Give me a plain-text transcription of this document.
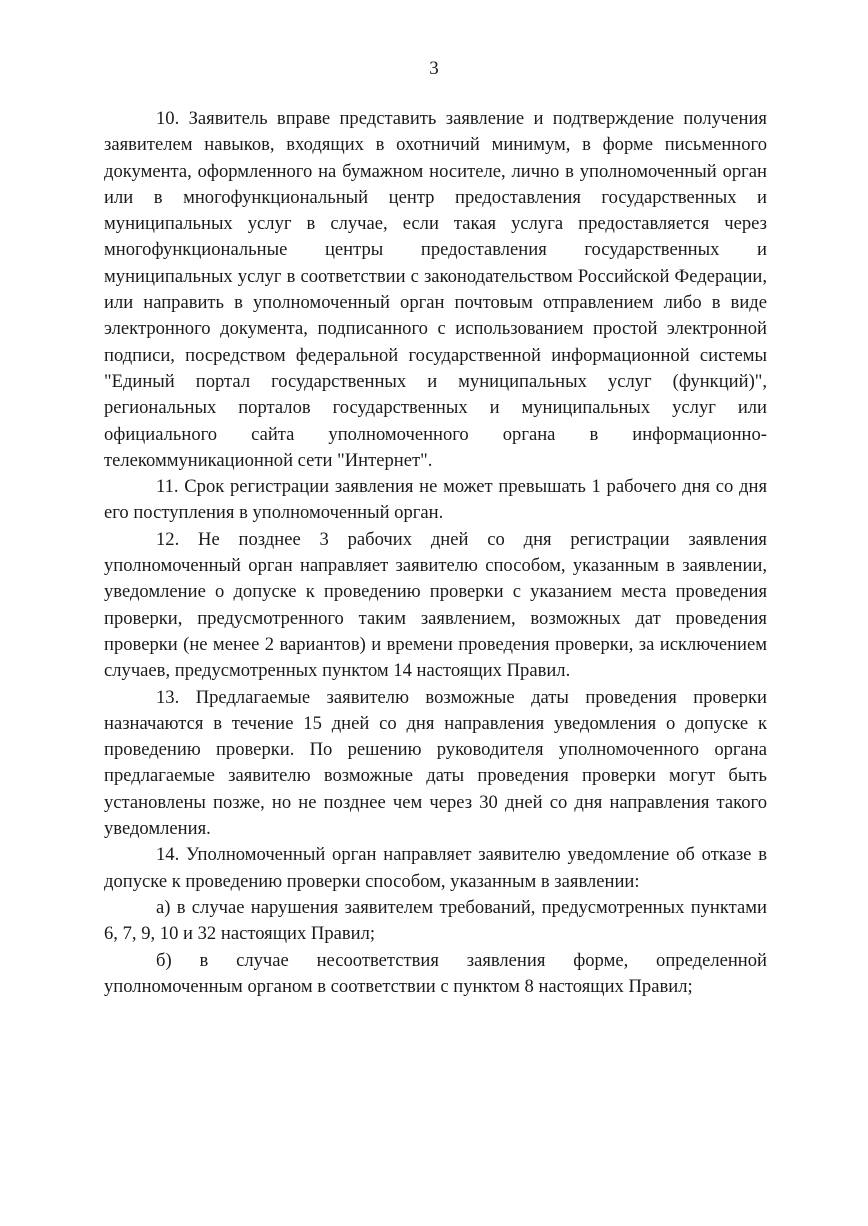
3

10. Заявитель вправе представить заявление и подтверждение получения заявителем навыков, входящих в охотничий минимум, в форме письменного документа, оформленного на бумажном носителе, лично в уполномоченный орган или в многофункциональный центр предоставления государственных и муниципальных услуг в случае, если такая услуга предоставляется через многофункциональные центры предоставления государственных и муниципальных услуг в соответствии с законодательством Российской Федерации, или направить в уполномоченный орган почтовым отправлением либо в виде электронного документа, подписанного с использованием простой электронной подписи, посредством федеральной государственной информационной системы "Единый портал государственных и муниципальных услуг (функций)", региональных порталов государственных и муниципальных услуг или официального сайта уполномоченного органа в информационно-телекоммуникационной сети "Интернет".

11. Срок регистрации заявления не может превышать 1 рабочего дня со дня его поступления в уполномоченный орган.

12. Не позднее 3 рабочих дней со дня регистрации заявления уполномоченный орган направляет заявителю способом, указанным в заявлении, уведомление о допуске к проведению проверки с указанием места проведения проверки, предусмотренного таким заявлением, возможных дат проведения проверки (не менее 2 вариантов) и времени проведения проверки, за исключением случаев, предусмотренных пунктом 14 настоящих Правил.

13. Предлагаемые заявителю возможные даты проведения проверки назначаются в течение 15 дней со дня направления уведомления о допуске к проведению проверки. По решению руководителя уполномоченного органа предлагаемые заявителю возможные даты проведения проверки могут быть установлены позже, но не позднее чем через 30 дней со дня направления такого уведомления.

14. Уполномоченный орган направляет заявителю уведомление об отказе в допуске к проведению проверки способом, указанным в заявлении:

а) в случае нарушения заявителем требований, предусмотренных пунктами 6, 7, 9, 10 и 32 настоящих Правил;

б) в случае несоответствия заявления форме, определенной уполномоченным органом в соответствии с пунктом 8 настоящих Правил;
